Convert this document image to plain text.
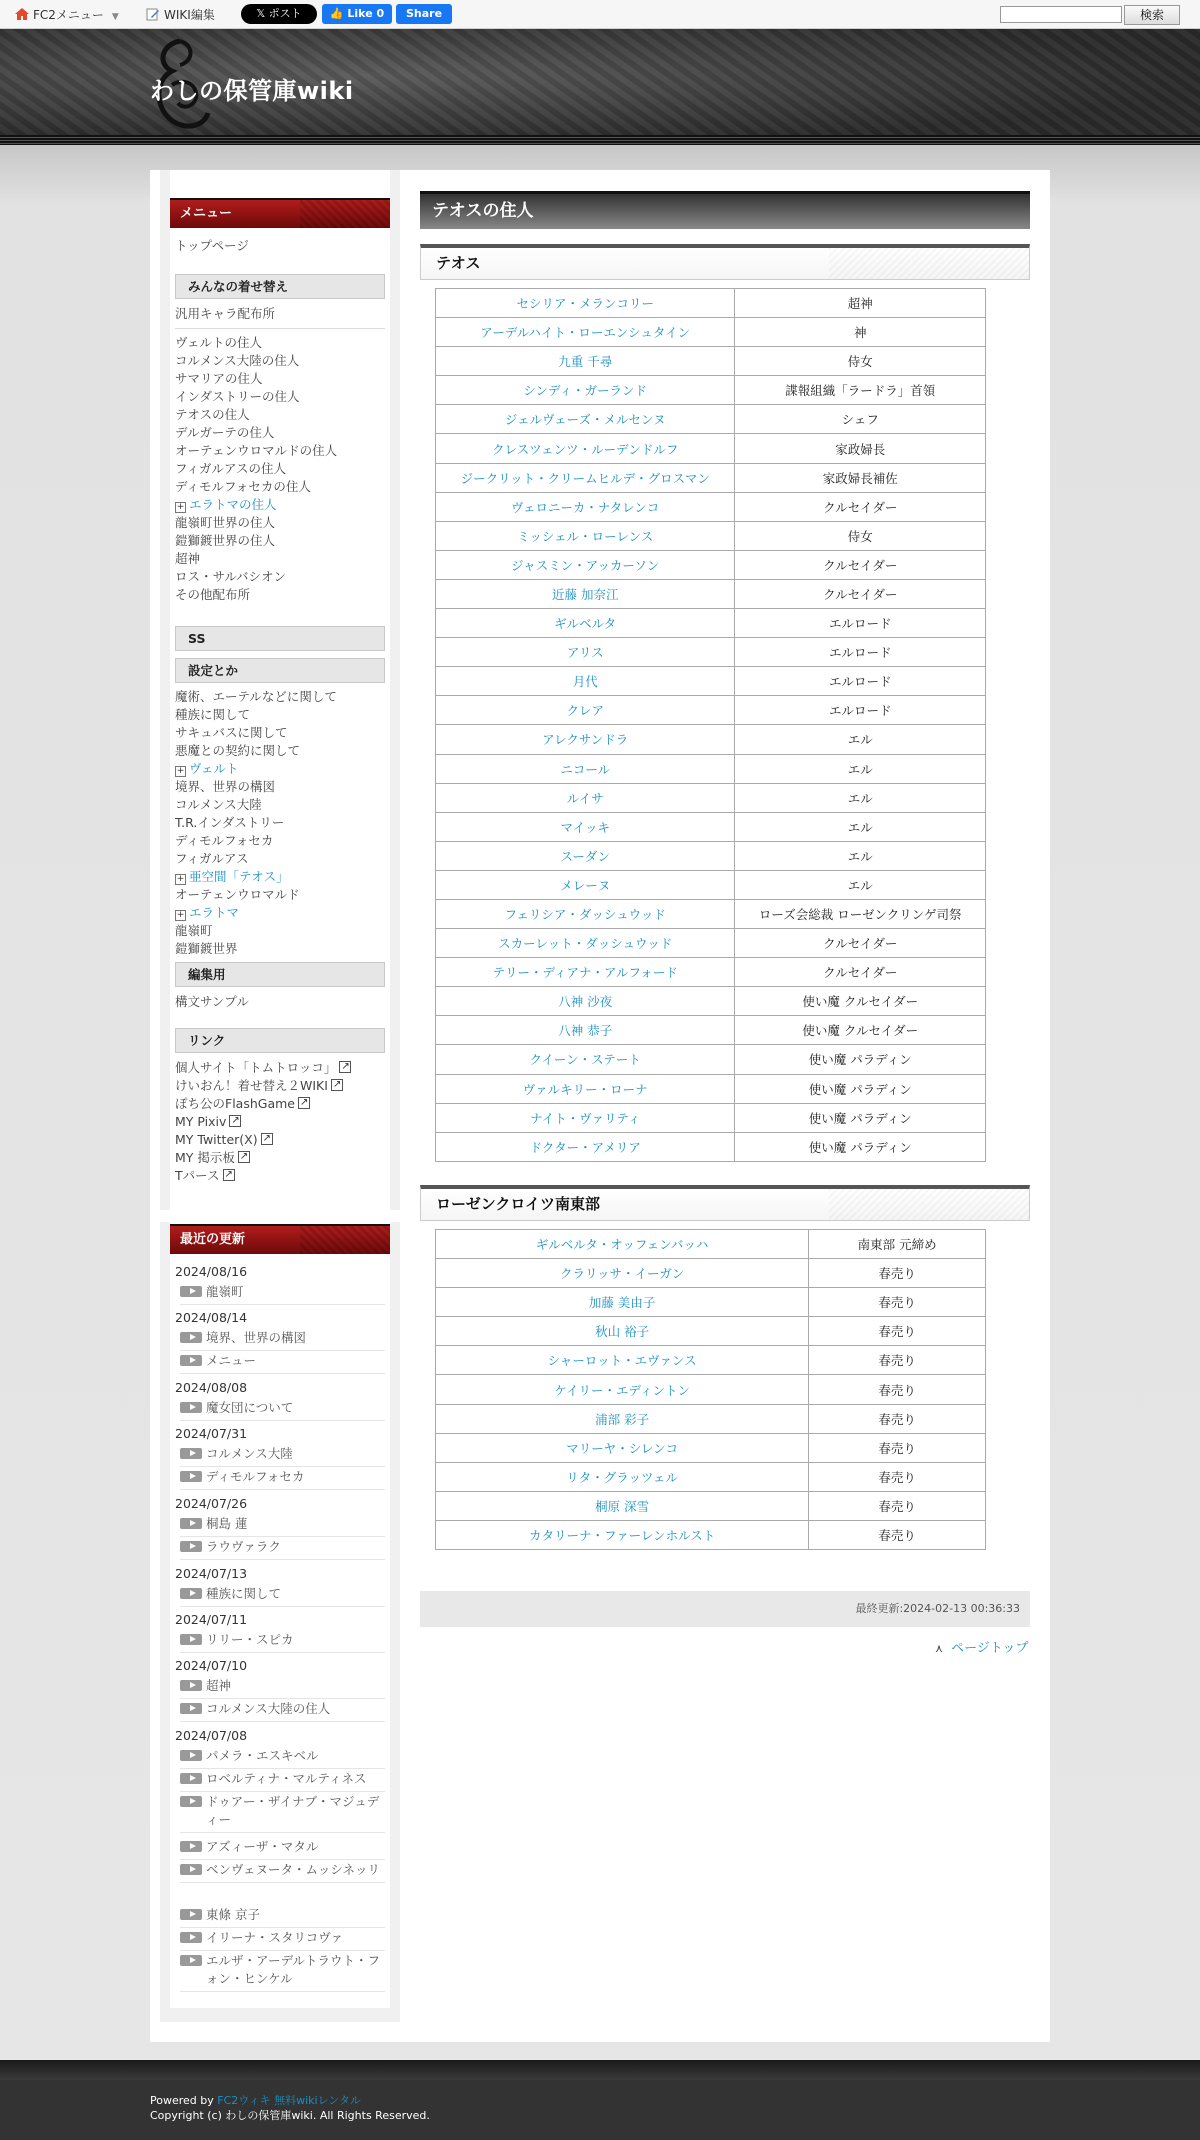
FC2メニュー ▼	WIKI編集	𝕏 ポスト	👍 Like 0	Share	検索
わしの保管庫wiki
メニュー
トップページ
みんなの着せ替え
汎用キャラ配布所
ヴェルトの住人
コルメンス大陸の住人
サマリアの住人
インダストリーの住人
テオスの住人
デルガーテの住人
オーテェンウロマルドの住人
フィガルアスの住人
ディモルフォセカの住人
+ エラトマの住人
龍嶺町世界の住人
鎧獅鍍世界の住人
超神
ロス・サルバシオン
その他配布所
SS
設定とか
魔術、エーテルなどに関して
種族に関して
サキュバスに関して
悪魔との契約に関して
+ ヴェルト
境界、世界の構図
コルメンス大陸
T.R.インダストリー
ディモルフォセカ
フィガルアス
+ 亜空間「テオス」
オーテェンウロマルド
+ エラトマ
龍嶺町
鎧獅鍍世界
編集用
構文サンプル
リンク
個人サイト「トムトロッコ」↗
けいおん！着せ替え２WIKI↗
ぽち公のFlashGame↗
MY Pixiv↗
MY Twitter(X)↗
MY 掲示板↗
Tパース↗
最近の更新
2024/08/16
龍嶺町
2024/08/14
境界、世界の構図
メニュー
2024/08/08
魔女団について
2024/07/31
コルメンス大陸
ディモルフォセカ
2024/07/26
桐島 蓮
ラウヴァラク
2024/07/13
種族に関して
2024/07/11
リリー・スピカ
2024/07/10
超神
コルメンス大陸の住人
2024/07/08
パメラ・エスキベル
ロベルティナ・マルティネス
ドゥアー・ザイナブ・マジュディー
アズィーザ・マタル
ベンヴェヌータ・ムッシネッリ
東條 京子
イリーナ・スタリコヴァ
エルザ・アーデルトラウト・フォン・ヒンケル
テオスの住人
テオス
セシリア・メランコリー	超神
アーデルハイト・ローエンシュタイン	神
九重 千尋	侍女
シンディ・ガーランド	諜報組織「ラードラ」首領
ジェルヴェーズ・メルセンヌ	シェフ
クレスツェンツ・ルーデンドルフ	家政婦長
ジークリット・クリームヒルデ・グロスマン	家政婦長補佐
ヴェロニーカ・ナタレンコ	クルセイダー
ミッシェル・ローレンス	侍女
ジャスミン・アッカーソン	クルセイダー
近藤 加奈江	クルセイダー
ギルベルタ	エルロード
アリス	エルロード
月代	エルロード
クレア	エルロード
アレクサンドラ	エル
ニコール	エル
ルイサ	エル
マイッキ	エル
スーダン	エル
メレーヌ	エル
フェリシア・ダッシュウッド	ローズ会総裁 ローゼンクリンゲ司祭
スカーレット・ダッシュウッド	クルセイダー
テリー・ディアナ・アルフォード	クルセイダー
八神 沙夜	使い魔 クルセイダー
八神 恭子	使い魔 クルセイダー
クイーン・ステート	使い魔 パラディン
ヴァルキリー・ローナ	使い魔 パラディン
ナイト・ヴァリティ	使い魔 パラディン
ドクター・アメリア	使い魔 パラディン
ローゼンクロイツ南東部
ギルベルタ・オッフェンバッハ	南東部 元締め
クラリッサ・イーガン	春売り
加藤 美由子	春売り
秋山 裕子	春売り
シャーロット・エヴァンス	春売り
ケイリー・エディントン	春売り
浦部 彩子	春売り
マリーヤ・シレンコ	春売り
リタ・グラッツェル	春売り
桐原 深雪	春売り
カタリーナ・ファーレンホルスト	春売り
最終更新:2024-02-13 00:36:33
⋏ ページトップ
Powered by FC2ウィキ 無料wikiレンタル
Copyright (c) わしの保管庫wiki. All Rights Reserved.
